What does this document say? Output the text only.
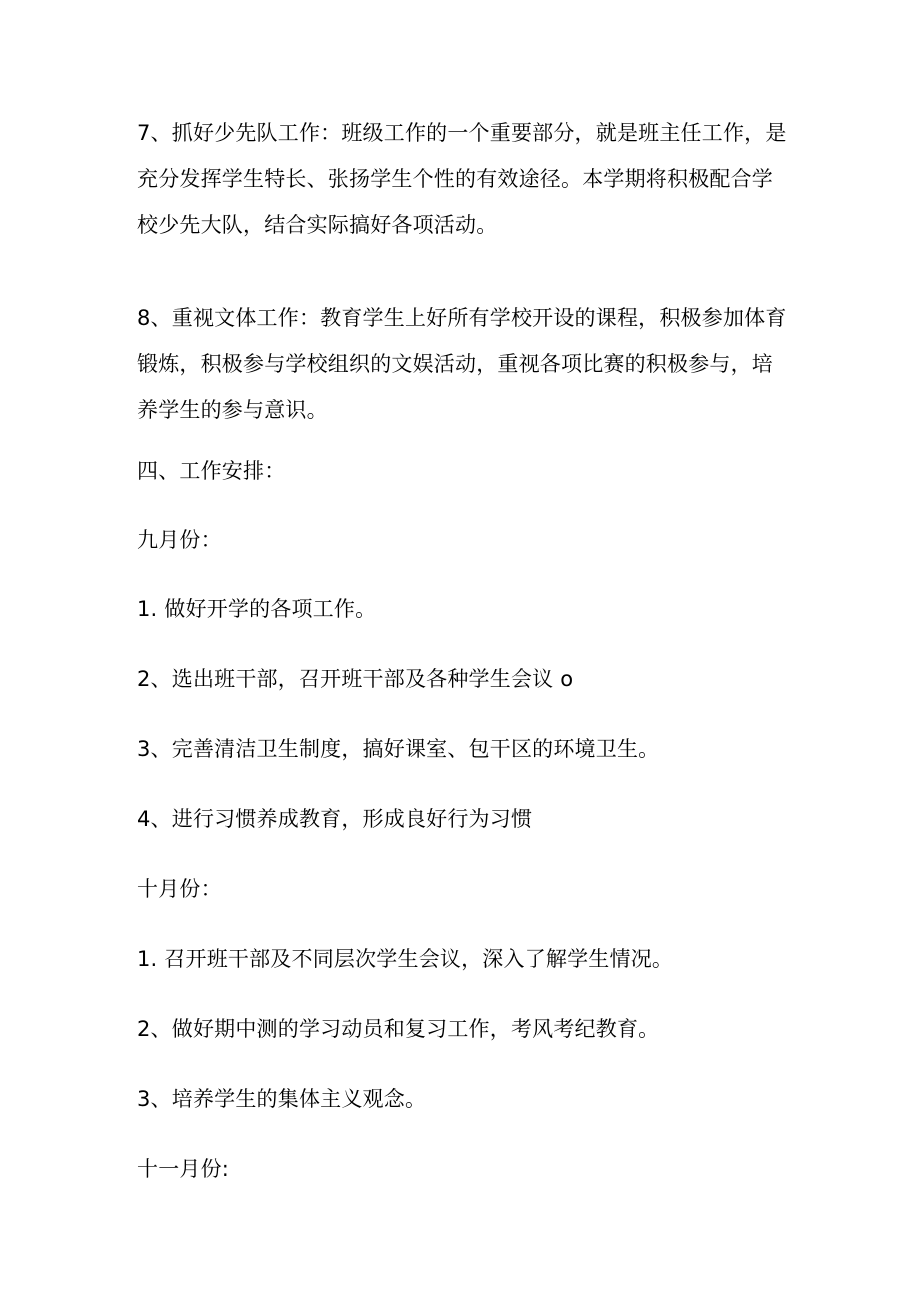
7、抓好少先队工作：班级工作的一个重要部分，就是班主任工作，是充分发挥学生特长、张扬学生个性的有效途径。本学期将积极配合学校少先大队，结合实际搞好各项活动。

8、重视文体工作：教育学生上好所有学校开设的课程，积极参加体育锻炼，积极参与学校组织的文娱活动，重视各项比赛的积极参与，培养学生的参与意识。

四、工作安排：

九月份：

1. 做好开学的各项工作。

2、选出班干部，召开班干部及各种学生会议 o

3、完善清洁卫生制度，搞好课室、包干区的环境卫生。

4、进行习惯养成教育，形成良好行为习惯

十月份：

1. 召开班干部及不同层次学生会议，深入了解学生情况。

2、做好期中测的学习动员和复习工作，考风考纪教育。

3、培养学生的集体主义观念。

十一月份:
